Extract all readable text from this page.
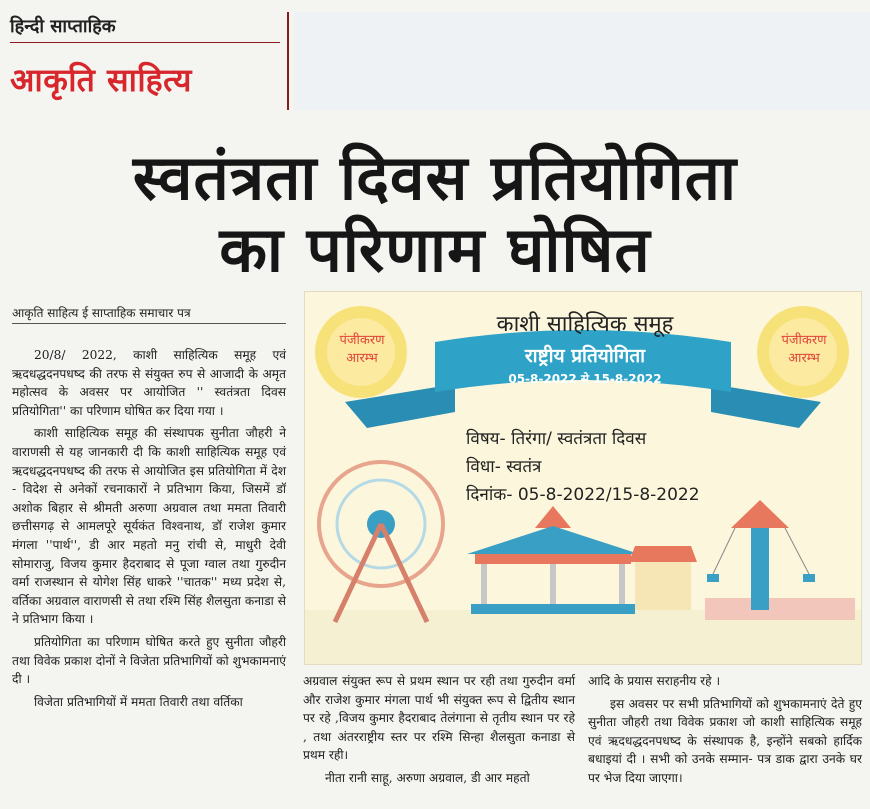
हिन्दी साप्ताहिक
आकृति साहित्य
स्वतंत्रता दिवस प्रतियोगिता
का परिणाम घोषित
आकृति साहित्य ई साप्ताहिक समाचार पत्र

20/8/ 2022, काशी साहित्यिक समूह एवं ऋदधद्धदनपधष्द की तरफ से संयुक्त रुप से आजादी के अमृत महोत्सव के अवसर पर आयोजित '' स्वतंत्रता दिवस प्रतियोगिता'' का परिणाम घोषित कर दिया गया ।

काशी साहित्यिक समूह की संस्थापक सुनीता जौहरी ने वाराणसी से यह जानकारी दी कि काशी साहित्यिक समूह एवं ऋदधद्धदनपधष्द की तरफ से आयोजित इस प्रतियोगिता में देश - विदेश से अनेकों रचनाकारों ने प्रतिभाग किया, जिसमें डॉ अशोक बिहार से श्रीमती अरुणा अग्रवाल तथा ममता तिवारी छत्तीसगढ़ से आमलपूरे सूर्यकंत विश्वनाथ, डॉ राजेश कुमार मंगला ''पार्थ'', डी आर महतो मनु रांची से, माधुरी देवी सोमाराजु, विजय कुमार हैदराबाद से पूजा ग्वाल तथा गुरुदीन वर्मा राजस्थान से योगेश सिंह धाकरे ''चातक'' मध्य प्रदेश से, वर्तिका अग्रवाल वाराणसी से तथा रश्मि सिंह शैलसुता कनाडा से ने प्रतिभाग किया ।

प्रतियोगिता का परिणाम घोषित करते हुए सुनीता जौहरी तथा विवेक प्रकाश दोनों ने विजेता प्रतिभागियों को शुभकामनाएं दी ।

विजेता प्रतिभागियों में ममता तिवारी तथा वर्तिका

काशी साहित्यिक समूह
राष्ट्रीय प्रतियोगिता
05-8-2022 से 15-8-2022
पंजीकरण
आरम्भ
पंजीकरण
आरम्भ
विषय- तिरंगा/ स्वतंत्रता दिवस
विधा- स्वतंत्र
दिनांक- 05-8-2022/15-8-2022

अग्रवाल संयुक्त रूप से प्रथम स्थान पर रही तथा गुरुदीन वर्मा और राजेश कुमार मंगला पार्थ भी संयुक्त रूप से द्वितीय स्थान पर रहे ,विजय कुमार हैदराबाद तेलंगाना से तृतीय स्थान पर रहे , तथा अंतरराष्ट्रीय स्तर पर रश्मि सिन्हा शैलसुता कनाडा से प्रथम रही।

नीता रानी साहू, अरुणा अग्रवाल, डी आर महतो

आदि के प्रयास सराहनीय रहे ।

इस अवसर पर सभी प्रतिभागियों को शुभकामनाएं देते हुए सुनीता जौहरी तथा विवेक प्रकाश जो काशी साहित्यिक समूह एवं ऋदधद्धदनपधष्द के संस्थापक है, इन्होंने सबको हार्दिक बधाइयां दी । सभी को उनके सम्मान- पत्र डाक द्वारा उनके घर पर भेज दिया जाएगा।
